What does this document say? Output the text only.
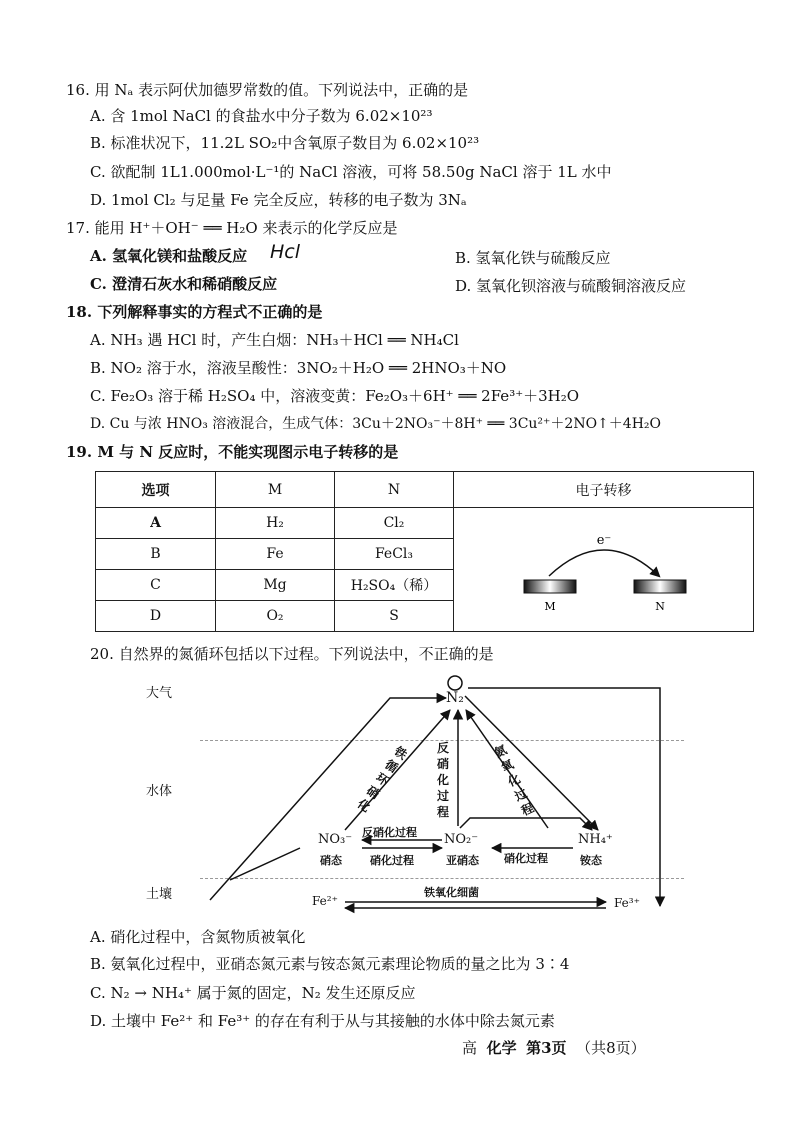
16. 用 Nₐ 表示阿伏加德罗常数的值。下列说法中，正确的是
A. 含 1mol NaCl 的食盐水中分子数为 6.02×10²³
B. 标准状况下，11.2L SO₂中含氧原子数目为 6.02×10²³
C. 欲配制 1L1.000mol·L⁻¹的 NaCl 溶液，可将 58.50g NaCl 溶于 1L 水中
D. 1mol Cl₂ 与足量 Fe 完全反应，转移的电子数为 3Nₐ
17. 能用 H⁺＋OH⁻ ══ H₂O 来表示的化学反应是
A. 氢氧化镁和盐酸反应 Hcl	B. 氢氧化铁与硫酸反应
C. 澄清石灰水和稀硝酸反应	D. 氢氧化钡溶液与硫酸铜溶液反应
18. 下列解释事实的方程式不正确的是
A. NH₃ 遇 HCl 时，产生白烟：NH₃＋HCl ══ NH₄Cl
B. NO₂ 溶于水，溶液呈酸性：3NO₂＋H₂O ══ 2HNO₃＋NO
C. Fe₂O₃ 溶于稀 H₂SO₄ 中，溶液变黄：Fe₂O₃＋6H⁺ ══ 2Fe³⁺＋3H₂O
D. Cu 与浓 HNO₃ 溶液混合，生成气体：3Cu＋2NO₃⁻＋8H⁺ ══ 3Cu²⁺＋2NO↑＋4H₂O
19. M 与 N 反应时，不能实现图示电子转移的是
选项	M	N	电子转移
A	H₂	Cl₂	e⁻
M N

B	Fe	FeCl₃	
C	Mg	H₂SO₄（稀）	
D	O₂	S	
20. 自然界的氮循环包括以下过程。下列说法中，不正确的是
大气
水体
土壤
N₂
NO₃⁻
硝态
NO₂⁻
亚硝态
NH₄⁺
铵态
反硝化过程
硝化过程	硝化过程
反硝化过程
氨氧化过程
铁循环硝化
Fe²⁺	Fe³⁺
铁氧化细菌
A. 硝化过程中，含氮物质被氧化
B. 氨氧化过程中，亚硝态氮元素与铵态氮元素理论物质的量之比为 3∶4
C. N₂ → NH₄⁺ 属于氮的固定，N₂ 发生还原反应
D. 土壤中 Fe²⁺ 和 Fe³⁺ 的存在有利于从与其接触的水体中除去氮元素
高 化学 第3页 （共8页）
